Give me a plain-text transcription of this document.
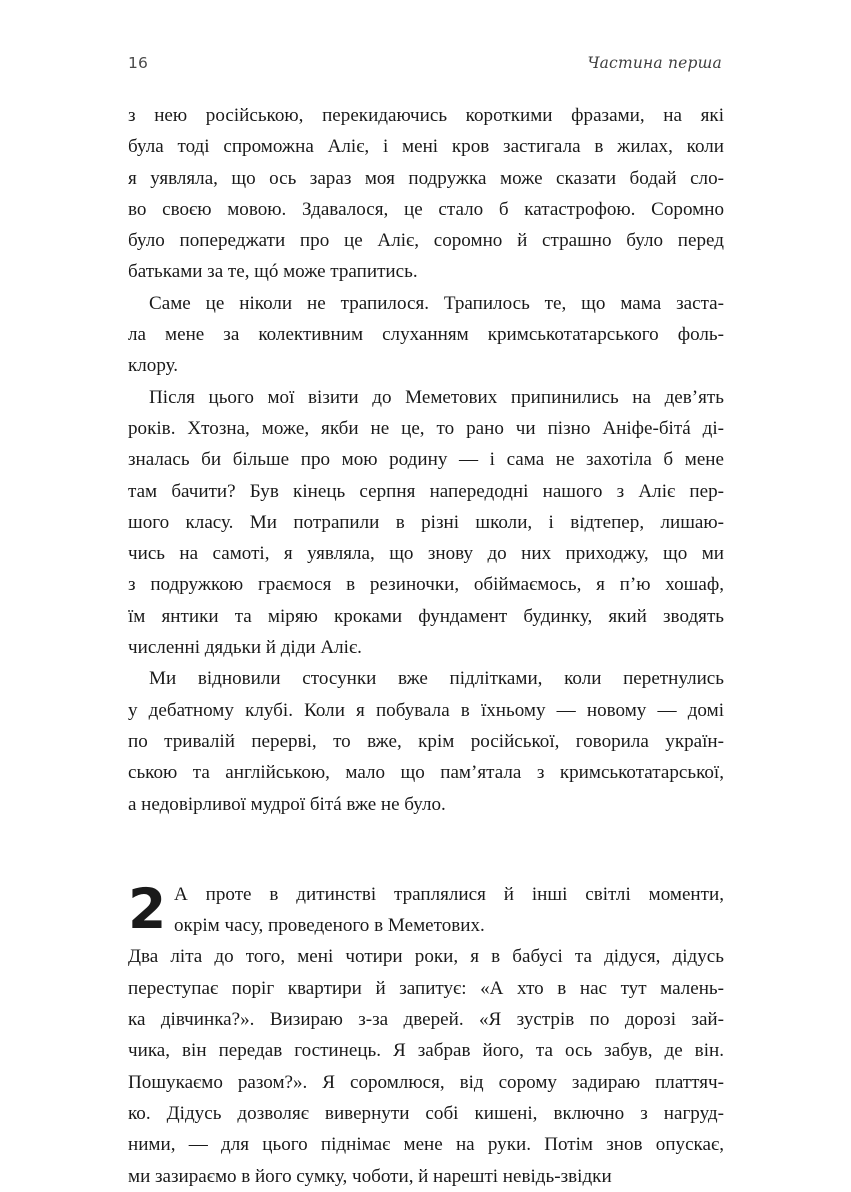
16	Частина перша

з нею російською, перекидаючись короткими фразами, на які
була тоді спроможна Аліє, і мені кров застигала в жилах, коли
я уявляла, що ось зараз моя подружка може сказати бодай сло-
во своєю мовою. Здавалося, це стало б катастрофою. Соромно
було попереджати про це Аліє, соромно й страшно було перед
батьками за те, щó може трапитись.

Саме це ніколи не трапилося. Трапилось те, що мама заста-
ла мене за колективним слуханням кримськотатарського фоль-
клору.

Після цього мої візити до Меметових припинились на дев’ять
років. Хтозна, може, якби не це, то рано чи пізно Аніфе-бітá ді-
зналась би більше про мою родину — і сама не захотіла б мене
там бачити? Був кінець серпня напередодні нашого з Аліє пер-
шого класу. Ми потрапили в різні школи, і відтепер, лишаю-
чись на самоті, я уявляла, що знову до них приходжу, що ми
з подружкою граємося в резиночки, обіймаємось, я п’ю хошаф,
їм янтики та міряю кроками фундамент будинку, який зводять
численні дядьки й діди Аліє.

Ми відновили стосунки вже підлітками, коли перетнулись
у дебатному клубі. Коли я побувала в їхньому — новому — домі
по тривалій перерві, то вже, крім російської, говорила україн-
ською та англійською, мало що пам’ятала з кримськотатарської,
а недовірливої мудрої бітá вже не було.

2 А проте в дитинстві траплялися й інші світлі моменти,
окрім часу, проведеного в Меметових.

Два літа до того, мені чотири роки, я в бабусі та дідуся, дідусь
переступає поріг квартири й запитує: «А хто в нас тут малень-
ка дівчинка?». Визираю з-за дверей. «Я зустрів по дорозі зай-
чика, він передав гостинець. Я забрав його, та ось забув, де він.
Пошукаємо разом?». Я соромлюся, від сорому задираю платтяч-
ко. Дідусь дозволяє вивернути собі кишені, включно з нагруд-
ними, — для цього піднімає мене на руки. Потім знов опускає,
ми зазираємо в його сумку, чоботи, й нарешті невідь-звідки
